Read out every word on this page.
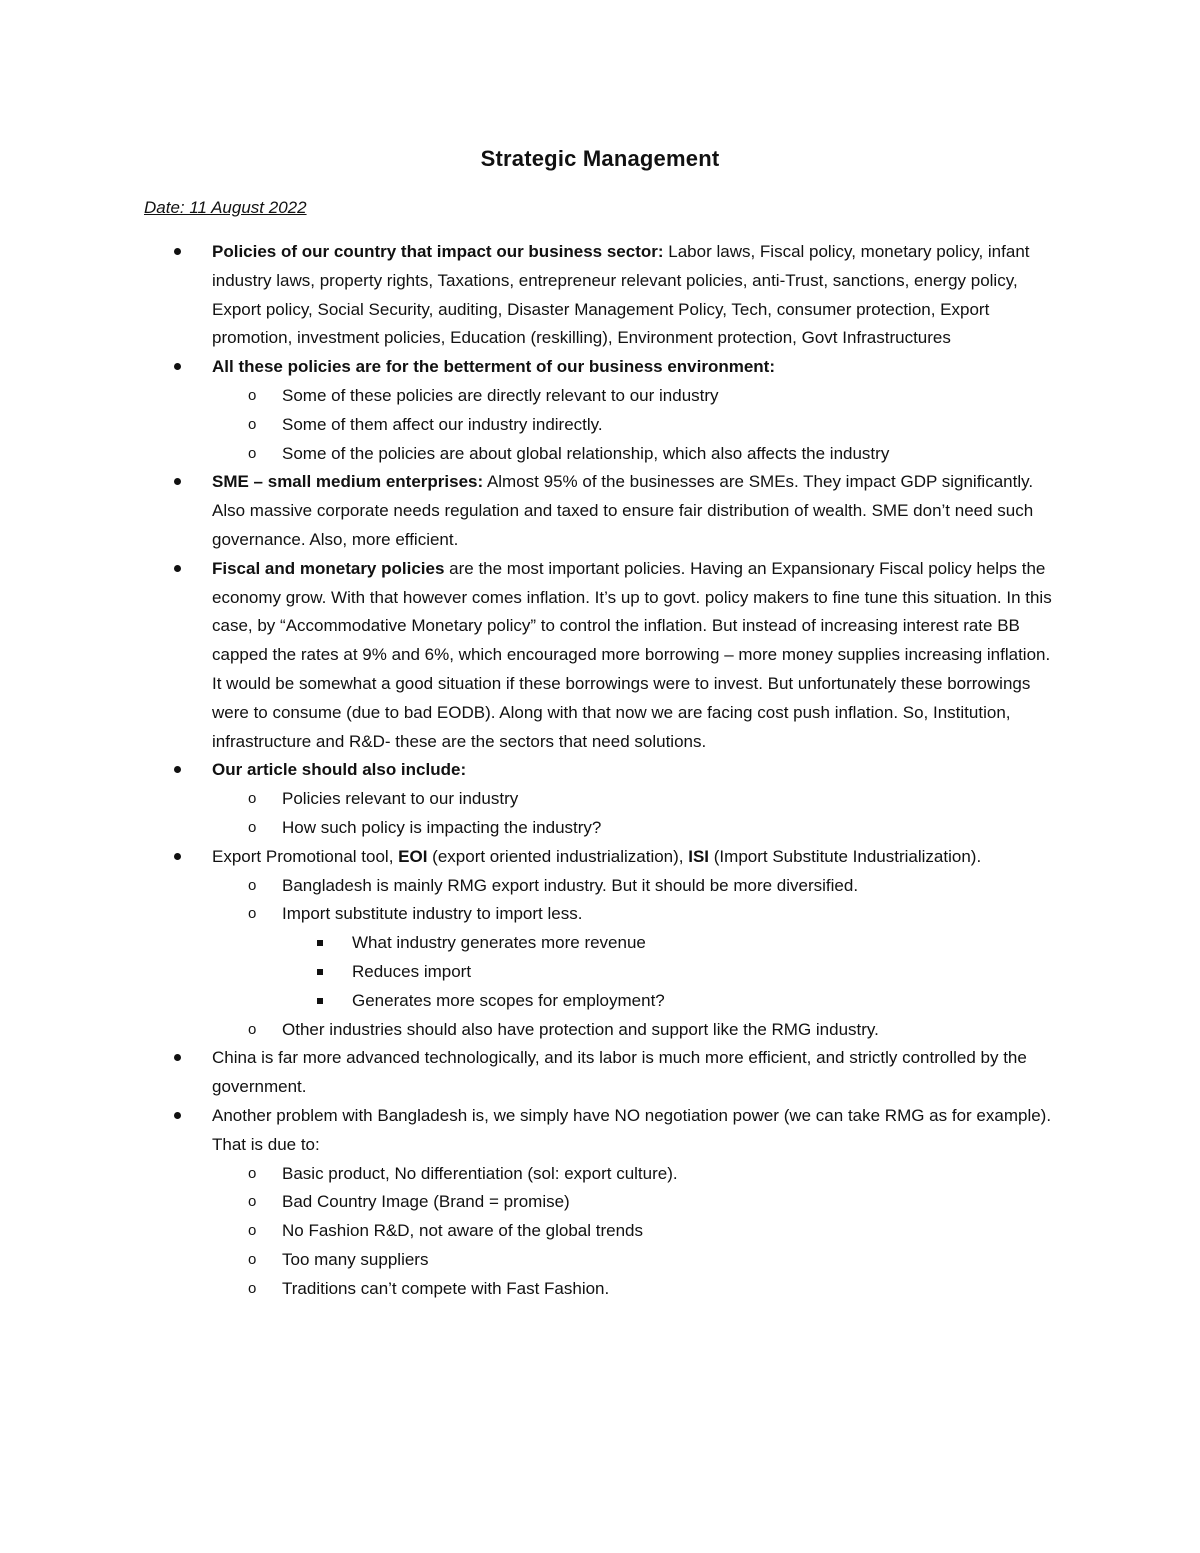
Strategic Management
Date: 11 August 2022
Policies of our country that impact our business sector: Labor laws, Fiscal policy, monetary policy, infant industry laws, property rights, Taxations, entrepreneur relevant policies, anti-Trust, sanctions, energy policy, Export policy, Social Security, auditing, Disaster Management Policy, Tech, consumer protection, Export promotion, investment policies, Education (reskilling), Environment protection, Govt Infrastructures
All these policies are for the betterment of our business environment:
o Some of these policies are directly relevant to our industry
o Some of them affect our industry indirectly.
o Some of the policies are about global relationship, which also affects the industry
SME – small medium enterprises: Almost 95% of the businesses are SMEs. They impact GDP significantly. Also massive corporate needs regulation and taxed to ensure fair distribution of wealth. SME don’t need such governance. Also, more efficient.
Fiscal and monetary policies are the most important policies. Having an Expansionary Fiscal policy helps the economy grow. With that however comes inflation. It’s up to govt. policy makers to fine tune this situation. In this case, by “Accommodative Monetary policy” to control the inflation. But instead of increasing interest rate BB capped the rates at 9% and 6%, which encouraged more borrowing – more money supplies increasing inflation. It would be somewhat a good situation if these borrowings were to invest. But unfortunately these borrowings were to consume (due to bad EODB). Along with that now we are facing cost push inflation. So, Institution, infrastructure and R&D- these are the sectors that need solutions.
Our article should also include:
o Policies relevant to our industry
o How such policy is impacting the industry?
Export Promotional tool, EOI (export oriented industrialization), ISI (Import Substitute Industrialization).
o Bangladesh is mainly RMG export industry. But it should be more diversified.
o Import substitute industry to import less.
What industry generates more revenue
Reduces import
Generates more scopes for employment?
o Other industries should also have protection and support like the RMG industry.
China is far more advanced technologically, and its labor is much more efficient, and strictly controlled by the government.
Another problem with Bangladesh is, we simply have NO negotiation power (we can take RMG as for example). That is due to:
o Basic product, No differentiation (sol: export culture).
o Bad Country Image (Brand = promise)
o No Fashion R&D, not aware of the global trends
o Too many suppliers
o Traditions can’t compete with Fast Fashion.
